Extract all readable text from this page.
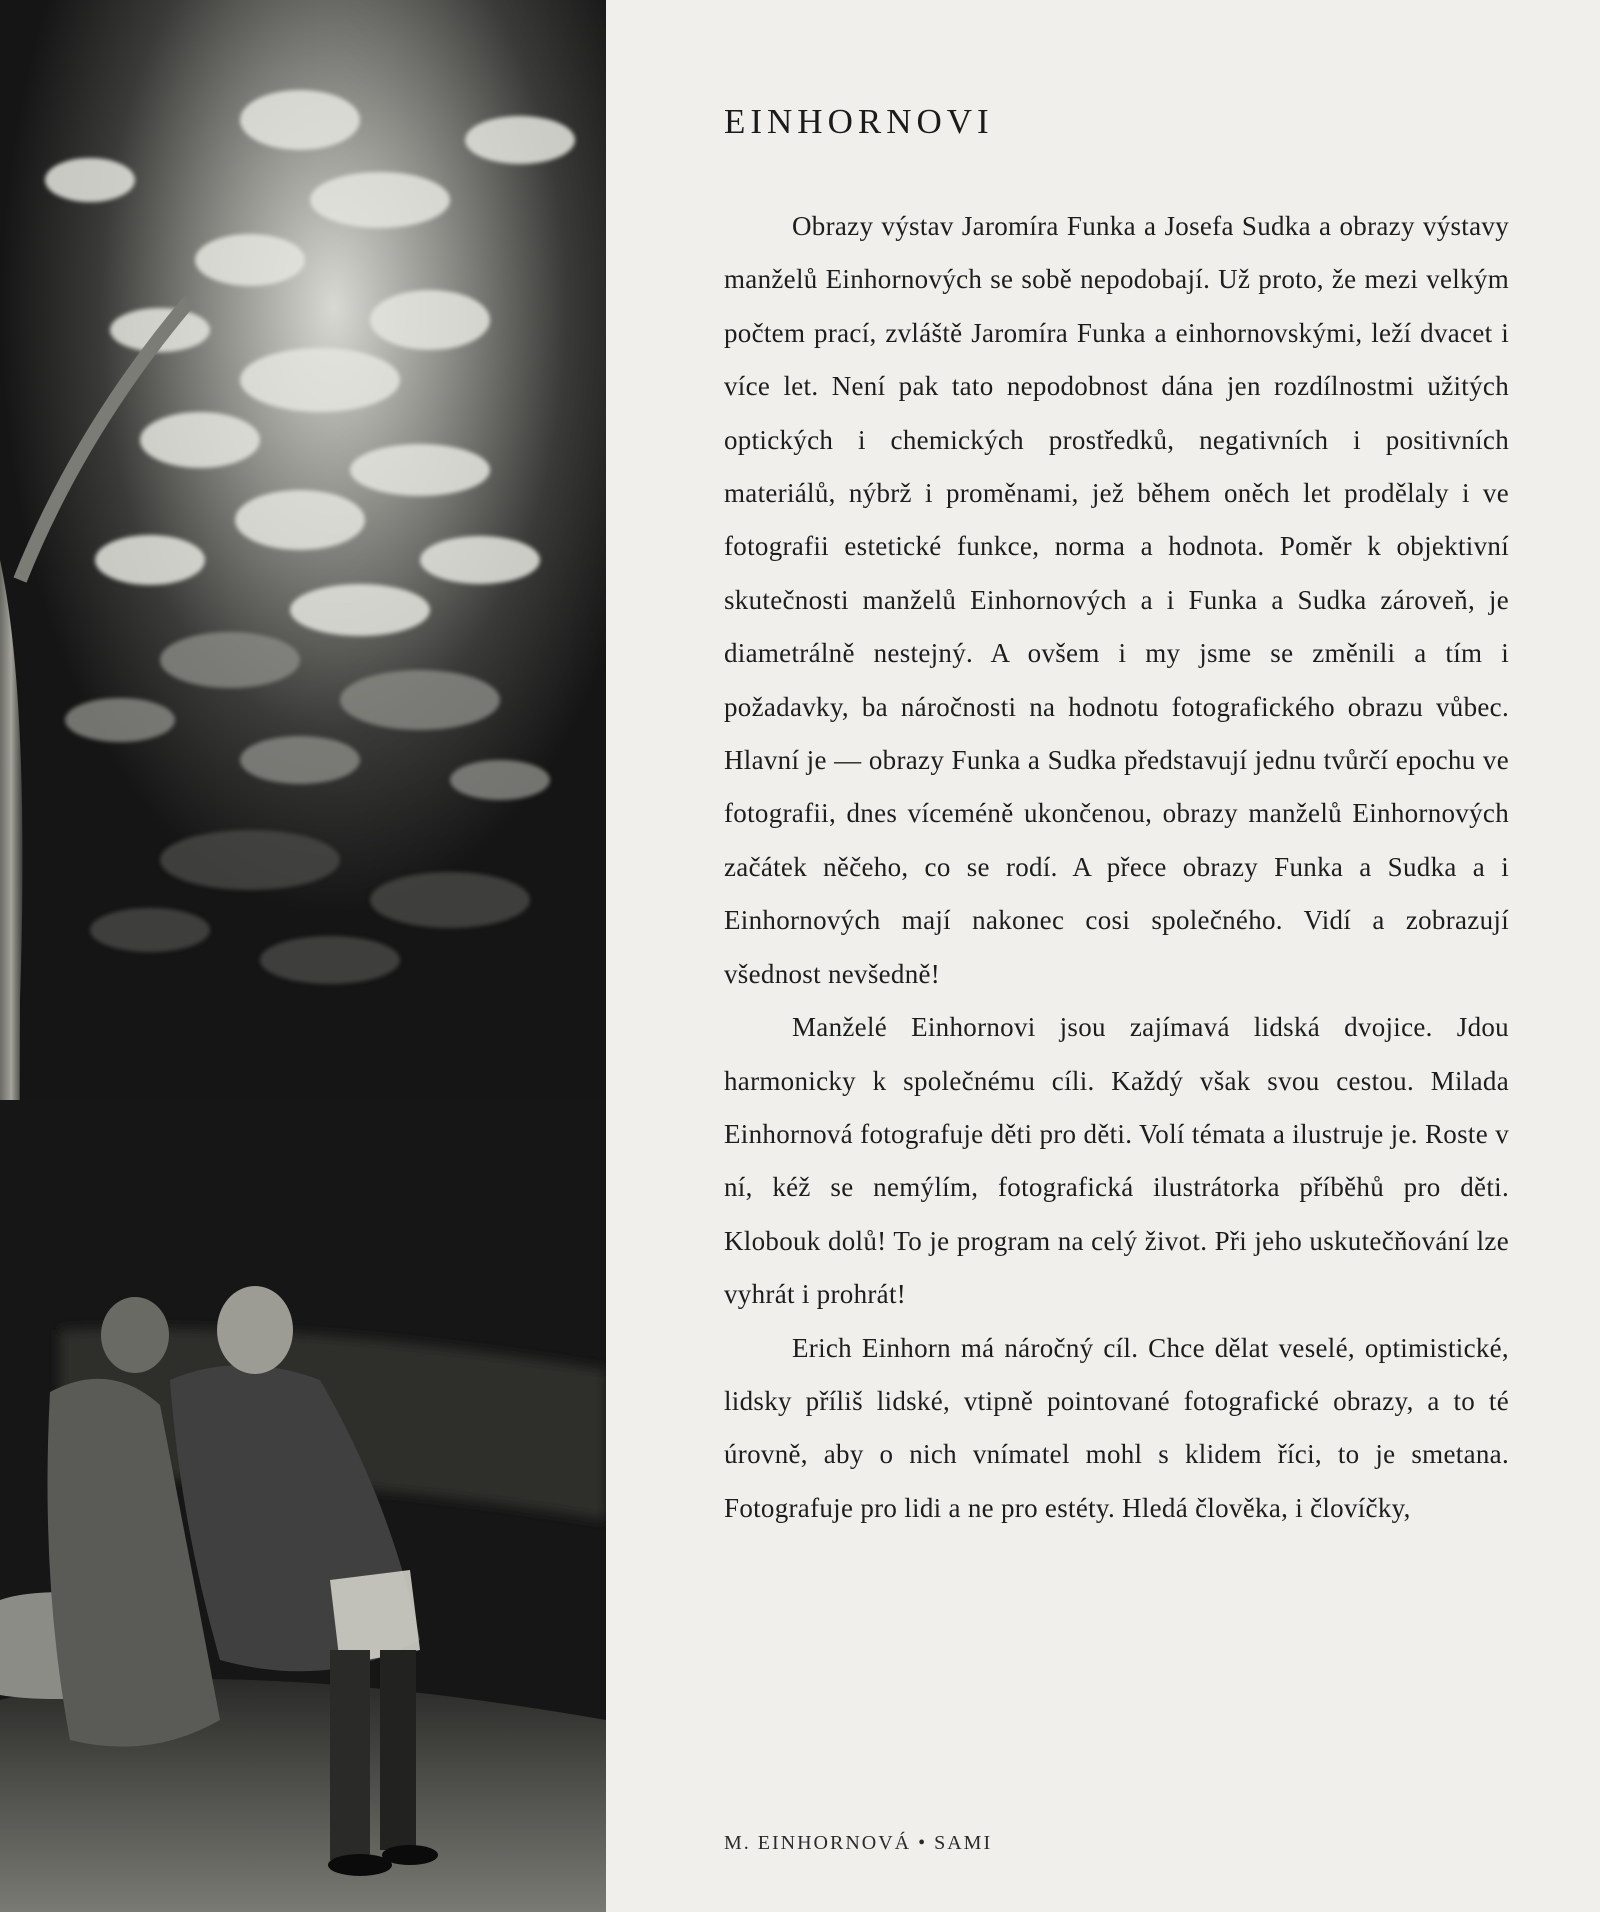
EINHORNOVI

Obrazy výstav Jaromíra Funka a Josefa Sudka a obrazy výstavy manželů Einhornových se sobě nepodobají. Už proto, že mezi velkým počtem prací, zvláště Jaromíra Funka a einhornovskými, leží dvacet i více let. Není pak tato nepodobnost dána jen rozdílnostmi užitých optických i chemických prostředků, negativních i positivních materiálů, nýbrž i proměnami, jež během oněch let prodělaly i ve fotografii estetické funkce, norma a hodnota. Poměr k objektivní skutečnosti manželů Einhornových a i Funka a Sudka zároveň, je diametrálně nestejný. A ovšem i my jsme se změnili a tím i požadavky, ba náročnosti na hodnotu fotografického obrazu vůbec. Hlavní je — obrazy Funka a Sudka představují jednu tvůrčí epochu ve fotografii, dnes víceméně ukončenou, obrazy manželů Einhornových začátek něčeho, co se rodí. A přece obrazy Funka a Sudka a i Einhornových mají nakonec cosi společného. Vidí a zobrazují všednost nevšedně!

Manželé Einhornovi jsou zajímavá lidská dvojice. Jdou harmonicky k společnému cíli. Každý však svou cestou. Milada Einhornová fotografuje děti pro děti. Volí témata a ilustruje je. Roste v ní, kéž se nemýlím, fotografická ilustrátorka příběhů pro děti. Klobouk dolů! To je program na celý život. Při jeho uskutečňování lze vyhrát i prohrát!

Erich Einhorn má náročný cíl. Chce dělat veselé, optimistické, lidsky příliš lidské, vtipně pointované fotografické obrazy, a to té úrovně, aby o nich vnímatel mohl s klidem říci, to je smetana. Fotografuje pro lidi a ne pro estéty. Hledá člověka, i človíčky,

M. EINHORNOVÁ • SAMI
